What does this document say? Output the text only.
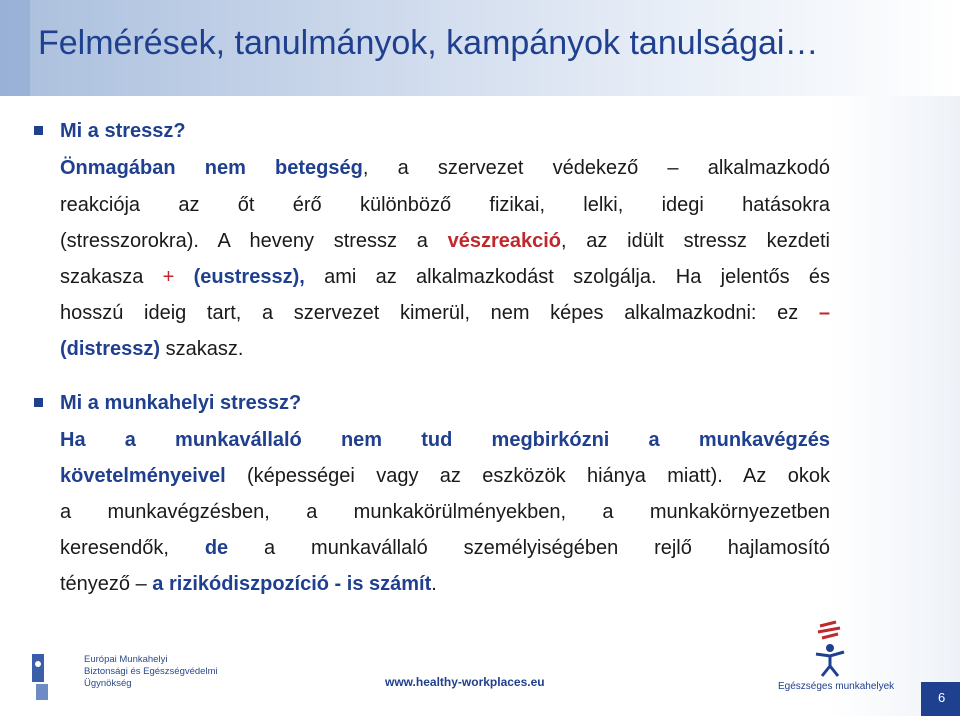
Felmérések, tanulmányok, kampányok tanulságai…
Mi a stressz?
Önmagában nem betegség, a szervezet védekező – alkalmazkodó
reakciója az őt érő különböző fizikai, lelki, idegi hatásokra
(stresszorokra). A heveny stressz a vészreakció, az idült stressz kezdeti
szakasza + (eustressz), ami az alkalmazkodást szolgálja. Ha jelentős és
hosszú ideig tart, a szervezet kimerül, nem képes alkalmazkodni: ez –
(distressz) szakasz.
Mi a munkahelyi stressz?
Ha a munkavállaló nem tud megbirkózni a munkavégzés
követelményeivel (képességei vagy az eszközök hiánya miatt). Az okok
a munkavégzésben, a munkakörülményekben, a munkakörnyezetben
keresendők, de a munkavállaló személyiségében rejlő hajlamosító
tényező – a rizikódiszpozíció - is számít.
Európai Munkahelyi
Biztonsági és Egészségvédelmi
Ügynökség	www.healthy-workplaces.eu	Egészséges munkahelyek
6
